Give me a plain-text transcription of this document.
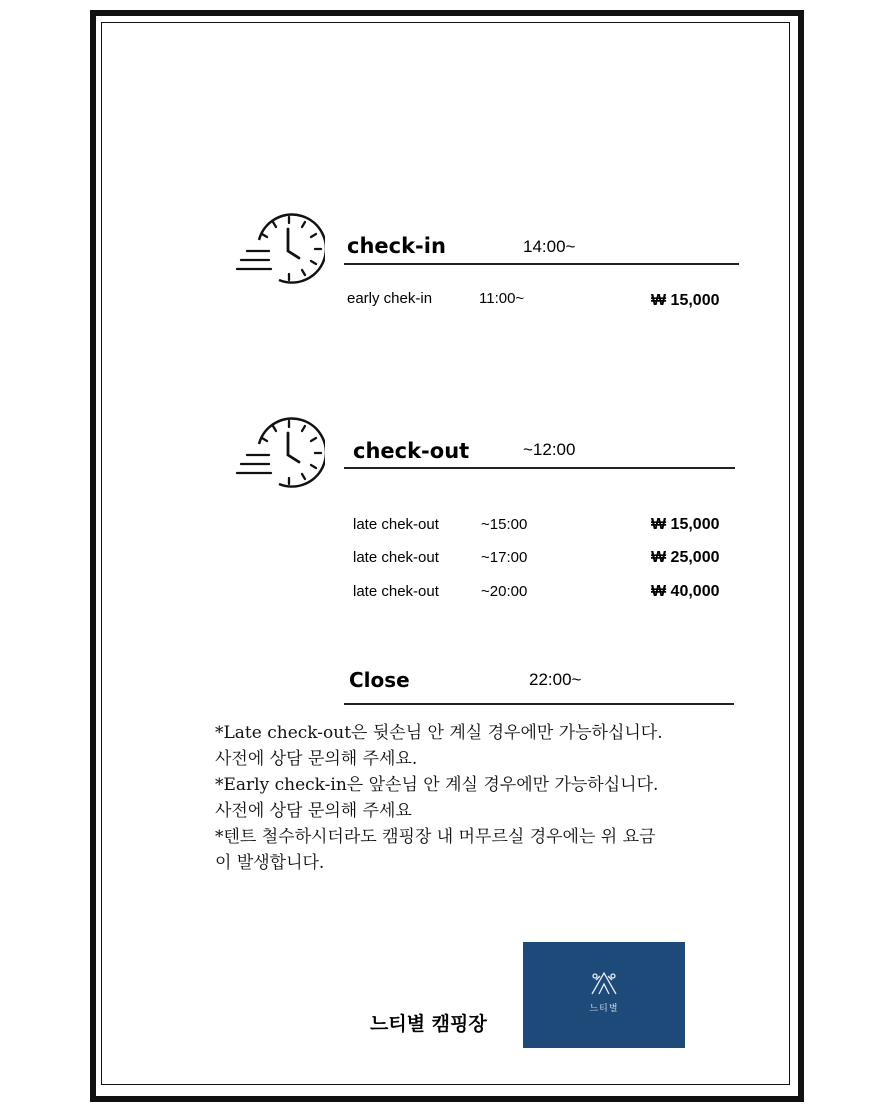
check-in	14:00~
early chek-in	11:00~	₩ 15,000
check-out	~12:00
late chek-out	~15:00	₩ 15,000
late chek-out	~17:00	₩ 25,000
late chek-out	~20:00	₩ 40,000
Close	22:00~
*Late check-out은 뒷손님 안 계실 경우에만 가능하십니다.
사전에 상담 문의해 주세요.
*Early check-in은 앞손님 안 계실 경우에만 가능하십니다.
사전에 상담 문의해 주세요
*텐트 철수하시더라도 캠핑장 내 머무르실 경우에는 위 요금
이 발생합니다.
느티별 캠핑장
느티별
